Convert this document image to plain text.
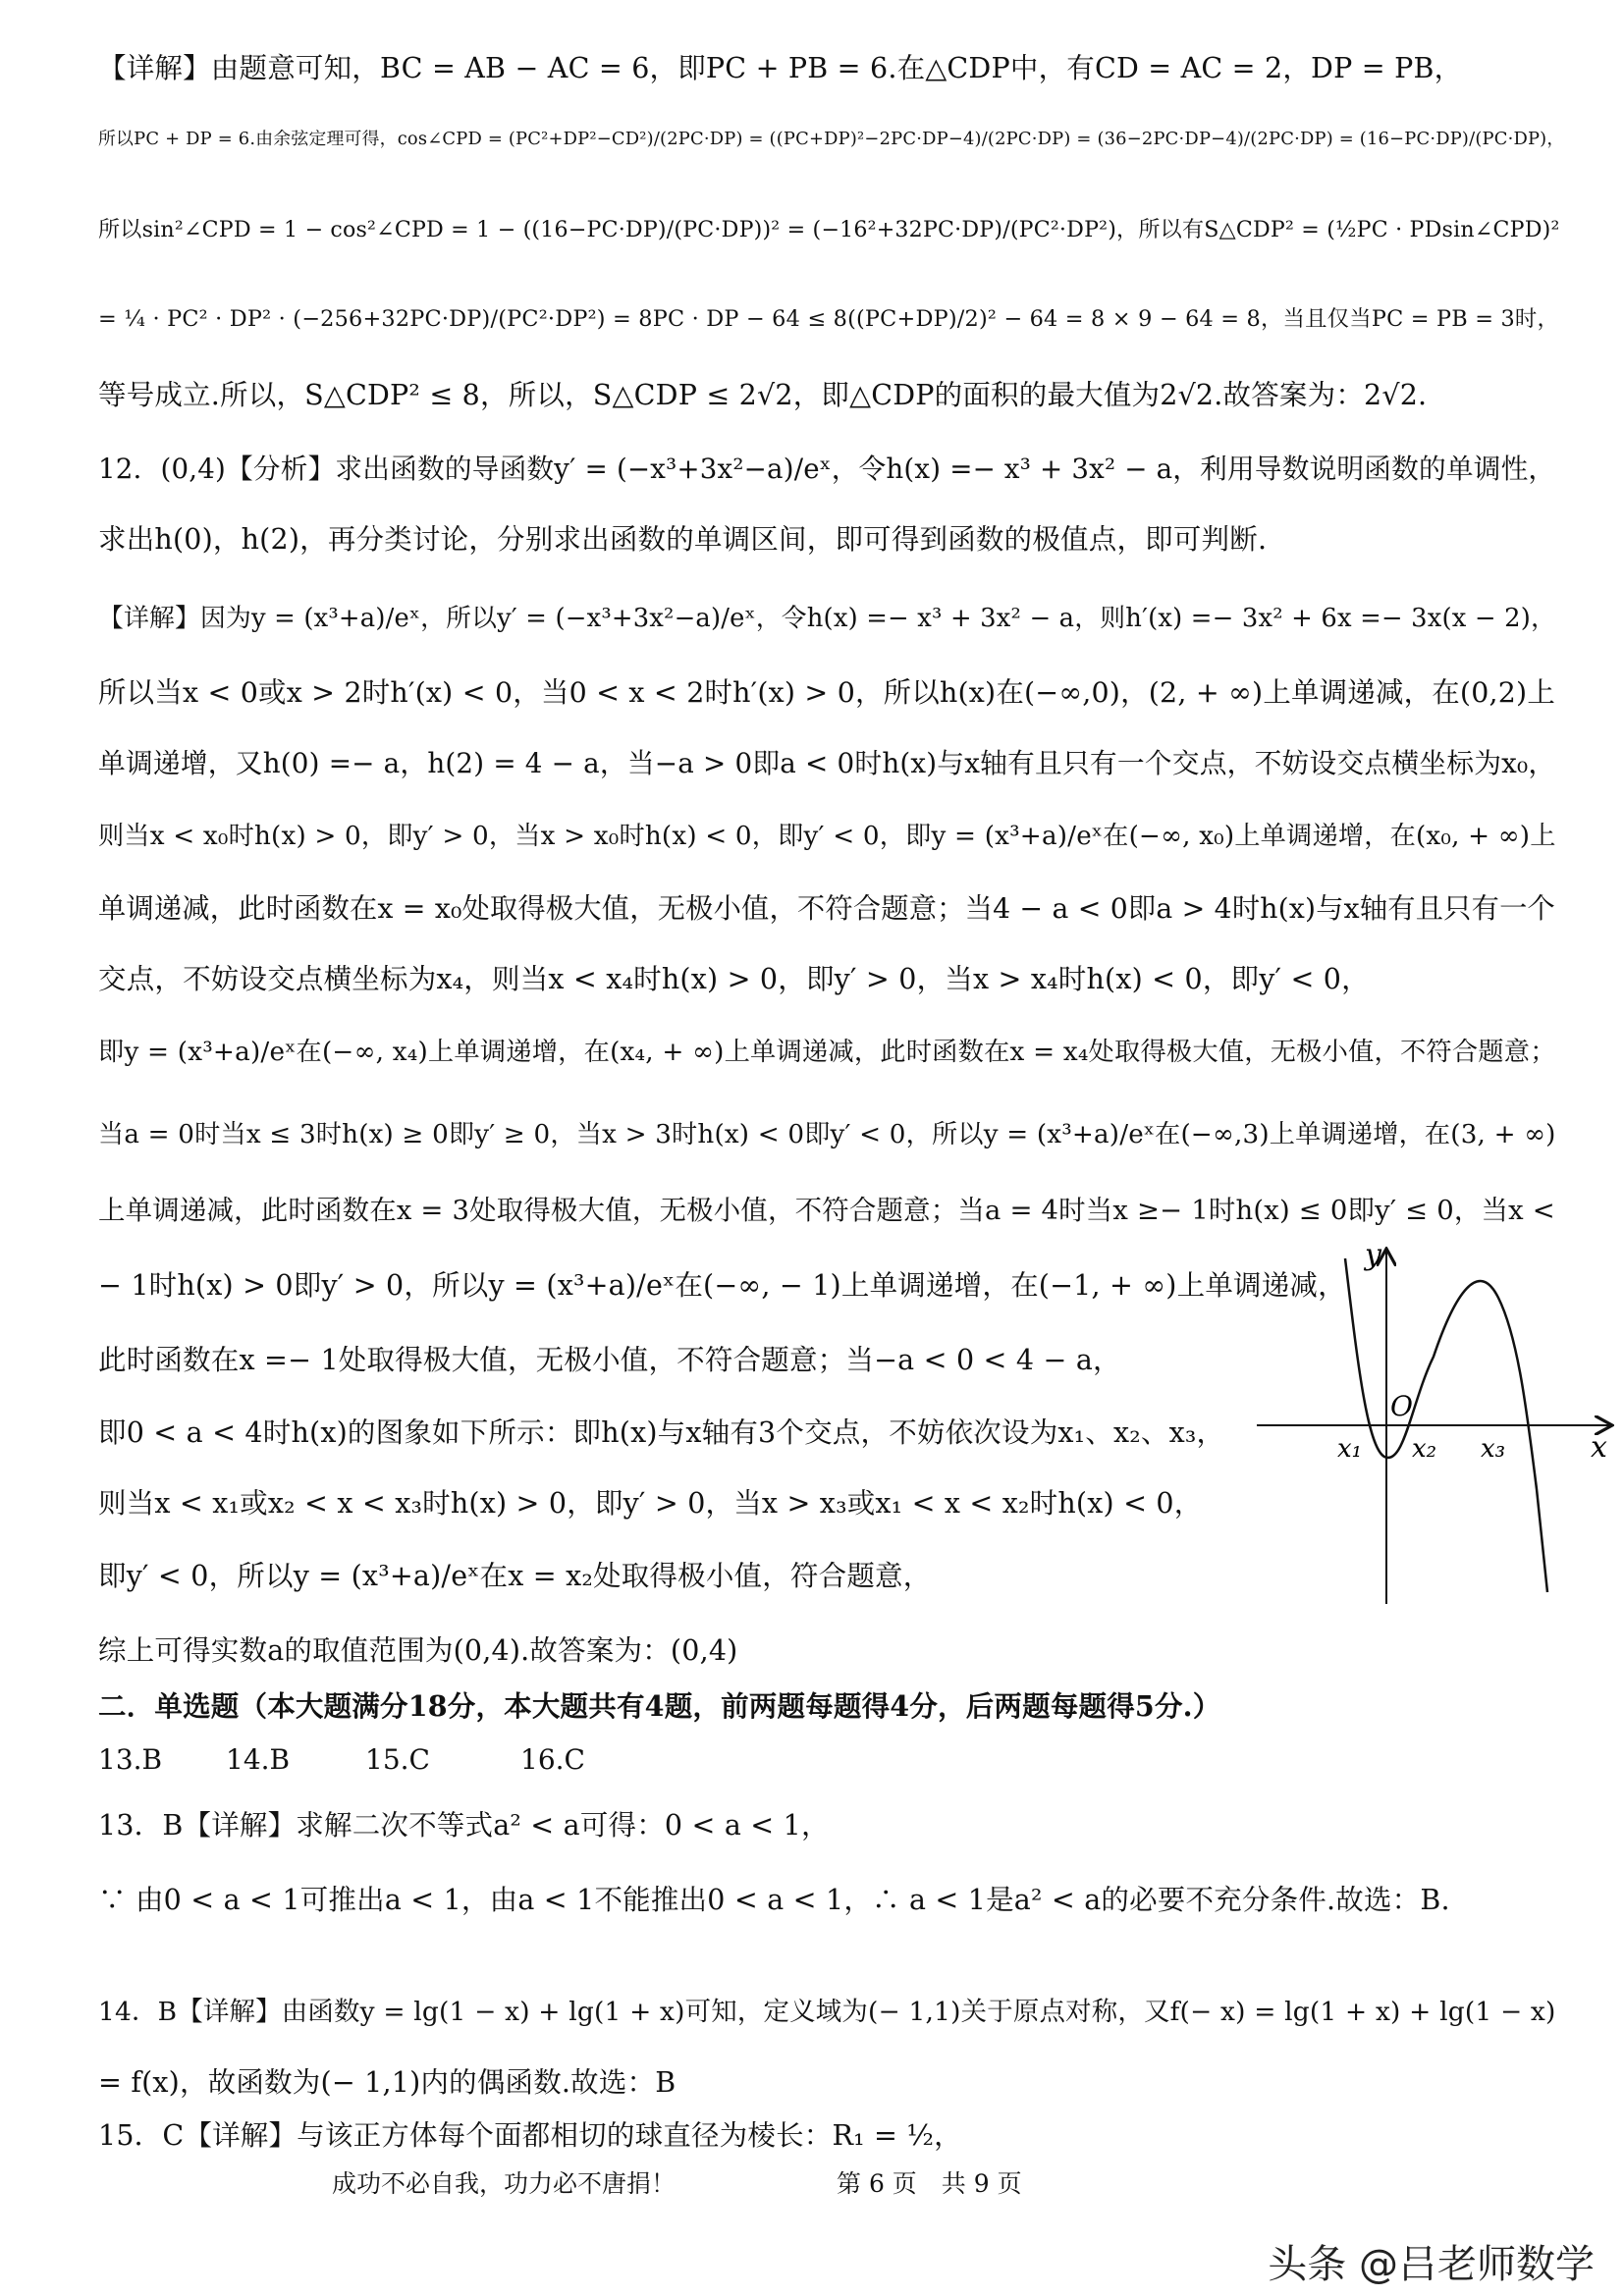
【详解】由题意可知，BC = AB − AC = 6，即PC + PB = 6.在△CDP中，有CD = AC = 2，DP = PB，
所以PC + DP = 6.由余弦定理可得，cos∠CPD = (PC²+DP²−CD²)/(2PC·DP) = ((PC+DP)²−2PC·DP−4)/(2PC·DP) = (36−2PC·DP−4)/(2PC·DP) = (16−PC·DP)/(PC·DP)，
所以sin²∠CPD = 1 − cos²∠CPD = 1 − ((16−PC·DP)/(PC·DP))² = (−16²+32PC·DP)/(PC²·DP²)，所以有S△CDP² = (½PC · PDsin∠CPD)²
= ¼ · PC² · DP² · (−256+32PC·DP)/(PC²·DP²) = 8PC · DP − 64 ≤ 8((PC+DP)/2)² − 64 = 8 × 9 − 64 = 8，当且仅当PC = PB = 3时，
等号成立.所以，S△CDP² ≤ 8，所以，S△CDP ≤ 2√2，即△CDP的面积的最大值为2√2.故答案为：2√2.
12．(0,4)【分析】求出函数的导函数y′ = (−x³+3x²−a)/eˣ，令h(x) =− x³ + 3x² − a，利用导数说明函数的单调性，
求出h(0)，h(2)，再分类讨论，分别求出函数的单调区间，即可得到函数的极值点，即可判断.
【详解】因为y = (x³+a)/eˣ，所以y′ = (−x³+3x²−a)/eˣ，令h(x) =− x³ + 3x² − a，则h′(x) =− 3x² + 6x =− 3x(x − 2)，
所以当x < 0或x > 2时h′(x) < 0，当0 < x < 2时h′(x) > 0，所以h(x)在(−∞,0)，(2, + ∞)上单调递减，在(0,2)上
单调递增，又h(0) =− a，h(2) = 4 − a，当−a > 0即a < 0时h(x)与x轴有且只有一个交点，不妨设交点横坐标为x₀，
则当x < x₀时h(x) > 0，即y′ > 0，当x > x₀时h(x) < 0，即y′ < 0，即y = (x³+a)/eˣ在(−∞, x₀)上单调递增，在(x₀, + ∞)上
单调递减，此时函数在x = x₀处取得极大值，无极小值，不符合题意；当4 − a < 0即a > 4时h(x)与x轴有且只有一个
交点，不妨设交点横坐标为x₄，则当x < x₄时h(x) > 0，即y′ > 0，当x > x₄时h(x) < 0，即y′ < 0，
即y = (x³+a)/eˣ在(−∞, x₄)上单调递增，在(x₄, + ∞)上单调递减，此时函数在x = x₄处取得极大值，无极小值，不符合题意；
当a = 0时当x ≤ 3时h(x) ≥ 0即y′ ≥ 0，当x > 3时h(x) < 0即y′ < 0，所以y = (x³+a)/eˣ在(−∞,3)上单调递增，在(3, + ∞)
上单调递减，此时函数在x = 3处取得极大值，无极小值，不符合题意；当a = 4时当x ≥− 1时h(x) ≤ 0即y′ ≤ 0，当x <
− 1时h(x) > 0即y′ > 0，所以y = (x³+a)/eˣ在(−∞, − 1)上单调递增，在(−1, + ∞)上单调递减，
此时函数在x =− 1处取得极大值，无极小值，不符合题意；当−a < 0 < 4 − a，
即0 < a < 4时h(x)的图象如下所示：即h(x)与x轴有3个交点，不妨依次设为x₁、x₂、x₃，
则当x < x₁或x₂ < x < x₃时h(x) > 0，即y′ > 0，当x > x₃或x₁ < x < x₂时h(x) < 0，
即y′ < 0，所以y = (x³+a)/eˣ在x = x₂处取得极小值，符合题意，
综上可得实数a的取值范围为(0,4).故答案为：(0,4)
二．单选题（本大题满分18分，本大题共有4题，前两题每题得4分，后两题每题得5分.）
13.B 14.B	15.C	16.C
13．B【详解】求解二次不等式a² < a可得：0 < a < 1，
∵ 由0 < a < 1可推出a < 1，由a < 1不能推出0 < a < 1，∴ a < 1是a² < a的必要不充分条件.故选：B.
14．B【详解】由函数y = lg(1 − x) + lg(1 + x)可知，定义域为(− 1,1)关于原点对称，又f(− x) = lg(1 + x) + lg(1 − x)
= f(x)，故函数为(− 1,1)内的偶函数.故选：B
15．C【详解】与该正方体每个面都相切的球直径为棱长：R₁ = ½，
y
x
O
x₁ x₂ x₃
成功不必自我，功力必不唐捐！	第 6 页　共 9 页
头条 @吕老师数学
